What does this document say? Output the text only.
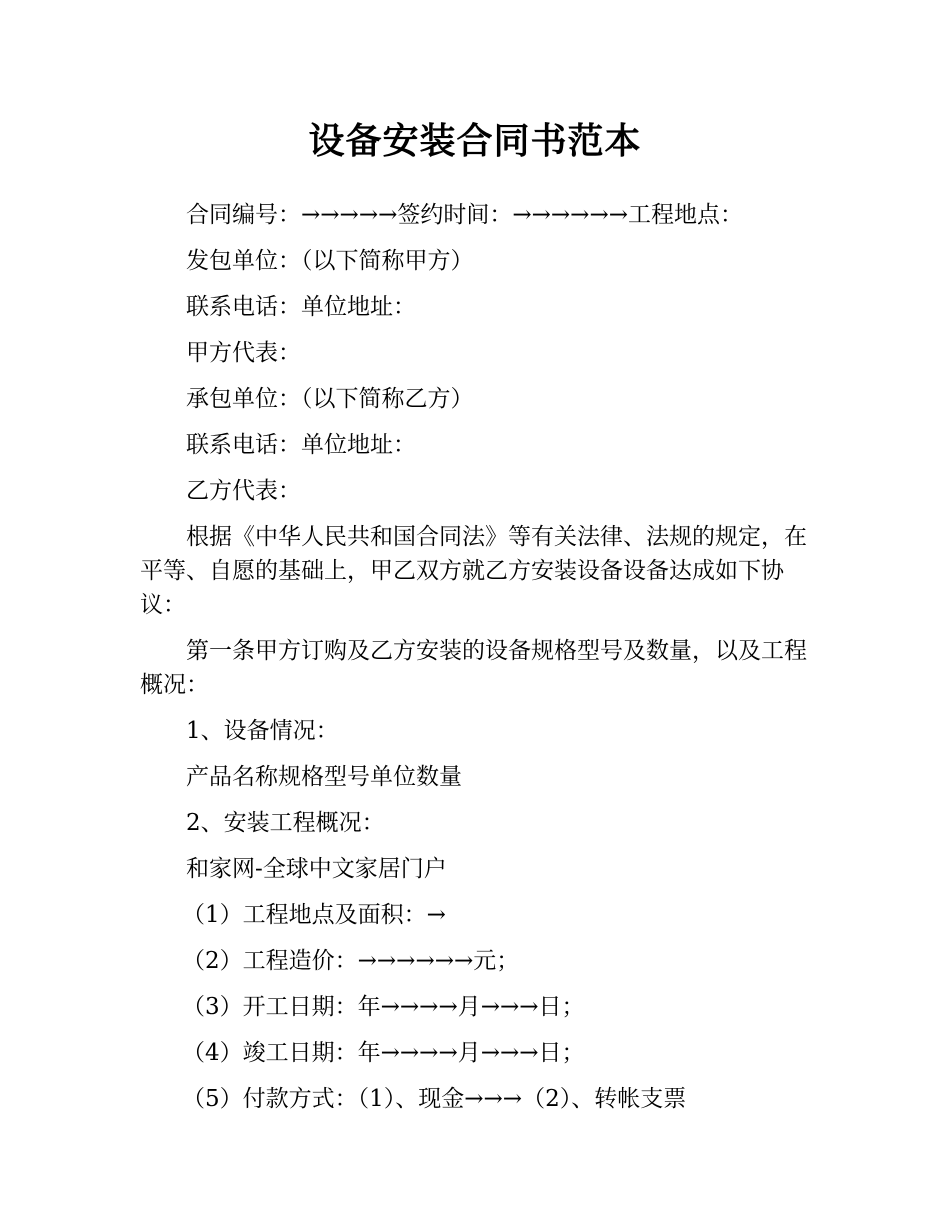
设备安装合同书范本

合同编号：→→→→→签约时间：→→→→→→工程地点：

发包单位：（以下简称甲方）

联系电话：单位地址：

甲方代表：

承包单位：（以下简称乙方）

联系电话：单位地址：

乙方代表：

根据《中华人民共和国合同法》等有关法律、法规的规定，在平等、自愿的基础上，甲乙双方就乙方安装设备设备达成如下协议：

第一条甲方订购及乙方安装的设备规格型号及数量，以及工程概况：

1、设备情况：

产品名称规格型号单位数量

2、安装工程概况：

和家网-全球中文家居门户

（1）工程地点及面积：→

（2）工程造价：→→→→→→元；

（3）开工日期：年→→→→月→→→日；

（4）竣工日期：年→→→→月→→→日；

（5）付款方式：（1）、现金→→→（2）、转帐支票
